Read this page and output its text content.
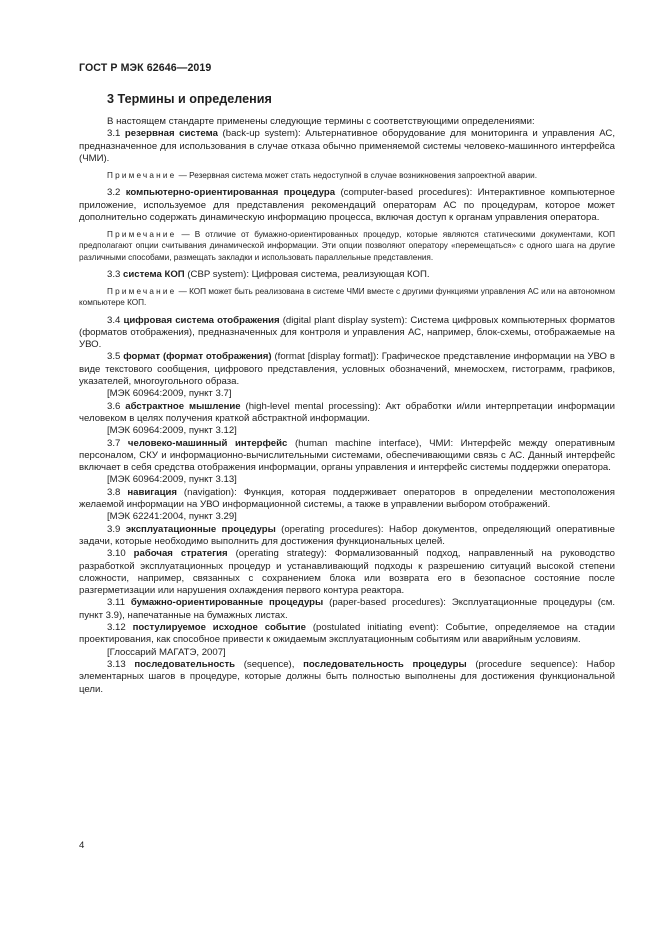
ГОСТ Р МЭК 62646—2019
3 Термины и определения

В настоящем стандарте применены следующие термины с соответствующими определениями:

3.1 резервная система (back-up system): Альтернативное оборудование для мониторинга и управления АС, предназначенное для использования в случае отказа обычно применяемой системы человеко-машинного интерфейса (ЧМИ).

Примечание — Резервная система может стать недоступной в случае возникновения запроектной аварии.

3.2 компьютерно-ориентированная процедура (computer-based procedures): Интерактивное компьютерное приложение, используемое для представления рекомендаций операторам АС по процедурам, которое может дополнительно содержать динамическую информацию процесса, включая доступ к органам управления оператора.

Примечание — В отличие от бумажно-ориентированных процедур, которые являются статическими документами, КОП предполагают опции считывания динамической информации. Эти опции позволяют оператору «перемещаться» с одного шага на другие различными способами, размещать закладки и использовать параллельные представления.

3.3 система КОП (CBP system): Цифровая система, реализующая КОП.

Примечание — КОП может быть реализована в системе ЧМИ вместе с другими функциями управления АС или на автономном компьютере КОП.

3.4 цифровая система отображения (digital plant display system): Система цифровых компьютерных форматов (форматов отображения), предназначенных для контроля и управления АС, например, блок-схемы, отображаемые на УВО.

3.5 формат (формат отображения) (format [display format]): Графическое представление информации на УВО в виде текстового сообщения, цифрового представления, условных обозначений, мнемосхем, гистограмм, графиков, указателей, многоугольного образа.

[МЭК 60964:2009, пункт 3.7]

3.6 абстрактное мышление (high-level mental processing): Акт обработки и/или интерпретации информации человеком в целях получения краткой абстрактной информации.

[МЭК 60964:2009, пункт 3.12]

3.7 человеко-машинный интерфейс (human machine interface), ЧМИ: Интерфейс между оперативным персоналом, СКУ и информационно-вычислительными системами, обеспечивающими связь с АС. Данный интерфейс включает в себя средства отображения информации, органы управления и интерфейс системы поддержки оператора.

[МЭК 60964:2009, пункт 3.13]

3.8 навигация (navigation): Функция, которая поддерживает операторов в определении местоположения желаемой информации на УВО информационной системы, а также в управлении выбором отображений.

[МЭК 62241:2004, пункт 3.29]

3.9 эксплуатационные процедуры (operating procedures): Набор документов, определяющий оперативные задачи, которые необходимо выполнить для достижения функциональных целей.

3.10 рабочая стратегия (operating strategy): Формализованный подход, направленный на руководство разработкой эксплуатационных процедур и устанавливающий подходы к разрешению ситуаций высокой степени сложности, например, связанных с сохранением блока или возврата его в безопасное состояние после разгерметизации или нарушения охлаждения первого контура реактора.

3.11 бумажно-ориентированные процедуры (paper-based procedures): Эксплуатационные процедуры (см. пункт 3.9), напечатанные на бумажных листах.

3.12 постулируемое исходное событие (postulated initiating event): Событие, определяемое на стадии проектирования, как способное привести к ожидаемым эксплуатационным событиям или аварийным условиям.

[Глоссарий МАГАТЭ, 2007]

3.13 последовательность (sequence), последовательность процедуры (procedure sequence): Набор элементарных шагов в процедуре, которые должны быть полностью выполнены для достижения функциональной цели.

4
